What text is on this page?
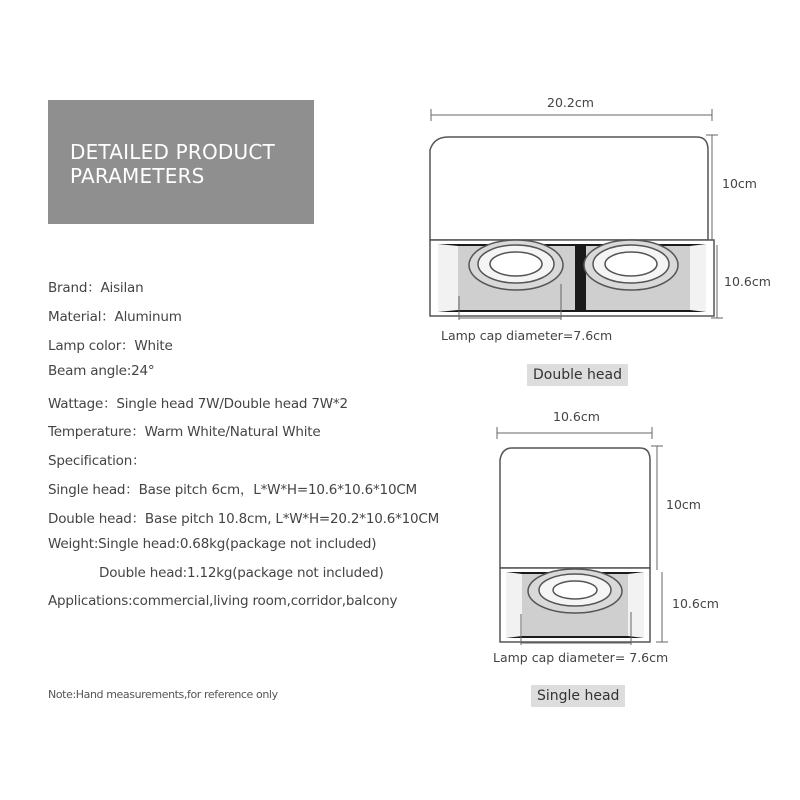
DETAILED PRODUCT
PARAMETERS
Brand：Aisilan
Material：Aluminum
Lamp color：White
Beam angle:24°
Wattage：Single head 7W/Double head 7W*2
Temperature：Warm White/Natural White
Specification：
Single head：Base pitch 6cm，L*W*H=10.6*10.6*10CM
Double head：Base pitch 10.8cm, L*W*H=20.2*10.6*10CM
Weight:Single head:0.68kg(package not included)
Double head:1.12kg(package not included)
Applications:commercial,living room,corridor,balcony
Note:Hand measurements,for reference only
20.2cm
10cm
10.6cm
Lamp cap diameter=7.6cm
Double head
10.6cm
10cm
10.6cm
Lamp cap diameter= 7.6cm
Single head
